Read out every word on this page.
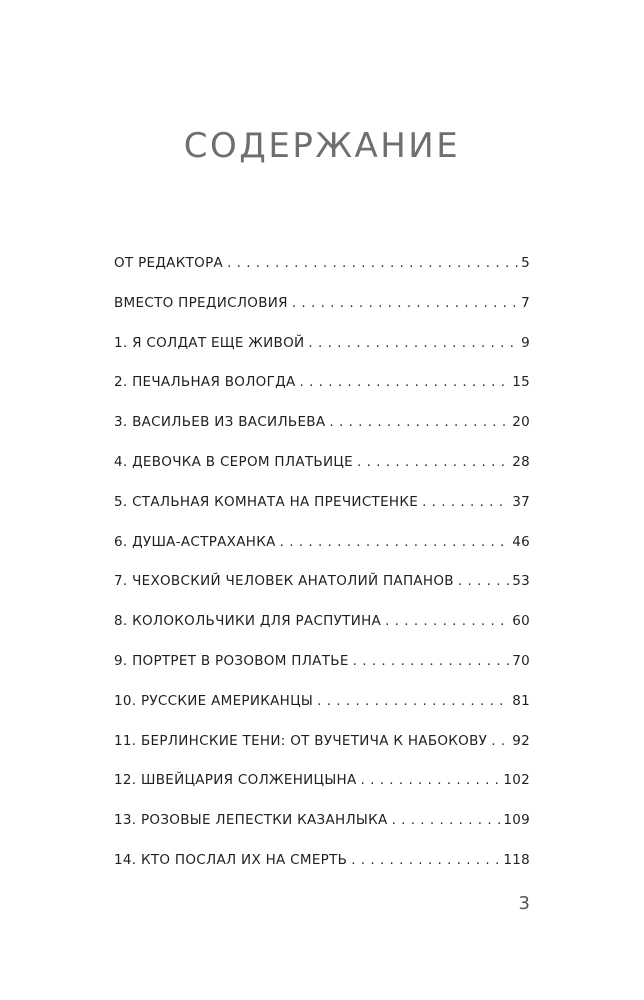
СОДЕРЖАНИЕ
ОТ РЕДАКТОРА . . .	5
ВМЕСТО ПРЕДИСЛОВИЯ . . .	7
1. Я СОЛДАТ ЕЩЕ ЖИВОЙ . . .	9
2. ПЕЧАЛЬНАЯ ВОЛОГДА . . .	15
3. ВАСИЛЬЕВ ИЗ ВАСИЛЬЕВА . . .	20
4. ДЕВОЧКА В СЕРОМ ПЛАТЬИЦЕ . . .	28
5. СТАЛЬНАЯ КОМНАТА НА ПРЕЧИСТЕНКЕ . . .	37
6. ДУША-АСТРАХАНКА . . .	46
7. ЧЕХОВСКИЙ ЧЕЛОВЕК АНАТОЛИЙ ПАПАНОВ . . .	53
8. КОЛОКОЛЬЧИКИ ДЛЯ РАСПУТИНА . . .	60
9. ПОРТРЕТ В РОЗОВОМ ПЛАТЬЕ . . .	70
10. РУССКИЕ АМЕРИКАНЦЫ . . .	81
11. БЕРЛИНСКИЕ ТЕНИ: ОТ ВУЧЕТИЧА К НАБОКОВУ . . . 92
12. ШВЕЙЦАРИЯ СОЛЖЕНИЦЫНА . . .	102
13. РОЗОВЫЕ ЛЕПЕСТКИ КАЗАНЛЫКА . . .	109
14. КТО ПОСЛАЛ ИХ НА СМЕРТЬ . . .	118
3
